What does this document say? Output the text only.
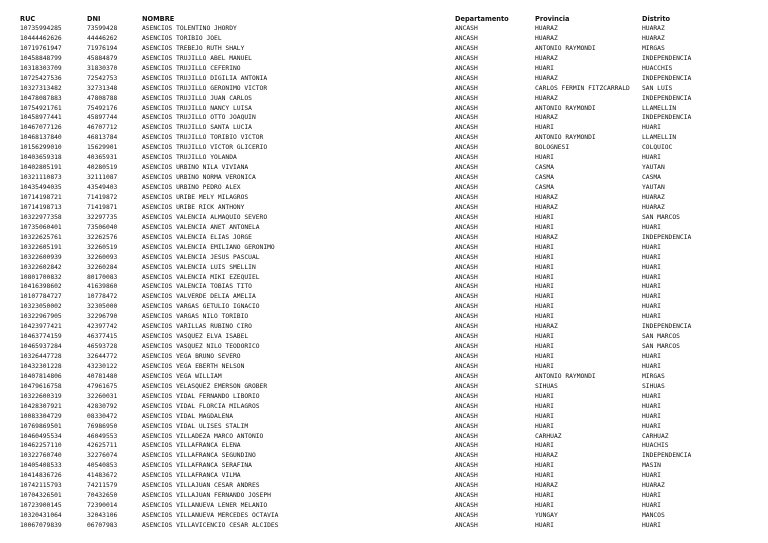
RUC	DNI	NOMBRE	Departamento	Provincia	Distrito
10735994285	73599428	ASENCIOS TOLENTINO JHORDY	ANCASH	HUARAZ	HUARAZ
10444462626	44446262	ASENCIOS TORIBIO JOEL	ANCASH	HUARAZ	HUARAZ
10719761947	71976194	ASENCIOS TREBEJO RUTH SHALY	ANCASH	ANTONIO RAYMONDI	MIRGAS
10458848799	45884879	ASENCIOS TRUJILLO ABEL MANUEL	ANCASH	HUARAZ	INDEPENDENCIA
10318303709	31830370	ASENCIOS TRUJILLO CEFERINO	ANCASH	HUARI	HUACCHIS
10725427536	72542753	ASENCIOS TRUJILLO DIGILIA ANTONIA	ANCASH	HUARAZ	INDEPENDENCIA
10327313482	32731348	ASENCIOS TRUJILLO GERONIMO VICTOR	ANCASH	CARLOS FERMIN FITZCARRALD	SAN LUIS
10478087883	47808788	ASENCIOS TRUJILLO JUAN CARLOS	ANCASH	HUARAZ	INDEPENDENCIA
10754921761	75492176	ASENCIOS TRUJILLO NANCY LUISA	ANCASH	ANTONIO RAYMONDI	LLAMELLIN
10458977441	45897744	ASENCIOS TRUJILLO OTTO JOAQUIN	ANCASH	HUARAZ	INDEPENDENCIA
10467077126	46707712	ASENCIOS TRUJILLO SANTA LUCIA	ANCASH	HUARI	HUARI
10468137840	46813784	ASENCIOS TRUJILLO TORIBIO VICTOR	ANCASH	ANTONIO RAYMONDI	LLAMELLIN
10156299010	15629901	ASENCIOS TRUJILLO VICTOR GLICERIO	ANCASH	BOLOGNESI	COLQUIOC
10403659318	40365931	ASENCIOS TRUJILLO YOLANDA	ANCASH	HUARI	HUARI
10402805191	40280519	ASENCIOS URBINO NILA VIVIANA	ANCASH	CASMA	YAUTAN
10321110873	32111087	ASENCIOS URBINO NORMA VERONICA	ANCASH	CASMA	CASMA
10435494035	43549403	ASENCIOS URBINO PEDRO ALEX	ANCASH	CASMA	YAUTAN
10714198721	71419872	ASENCIOS URIBE MELY MILAGROS	ANCASH	HUARAZ	HUARAZ
10714198713	71419871	ASENCIOS URIBE RICK ANTHONY	ANCASH	HUARAZ	HUARAZ
10322977358	32297735	ASENCIOS VALENCIA ALMAQUIO SEVERO	ANCASH	HUARI	SAN MARCOS
10735060401	73506040	ASENCIOS VALENCIA ANET ANTONELA	ANCASH	HUARI	HUARI
10322625761	32262576	ASENCIOS VALENCIA ELIAS JORGE	ANCASH	HUARAZ	INDEPENDENCIA
10322605191	32260519	ASENCIOS VALENCIA EMILIANO GERONIMO	ANCASH	HUARI	HUARI
10322600939	32260093	ASENCIOS VALENCIA JESUS PASCUAL	ANCASH	HUARI	HUARI
10322602842	32260284	ASENCIOS VALENCIA LUIS SMELLIN	ANCASH	HUARI	HUARI
10801700832	80170083	ASENCIOS VALENCIA MIKI EZEQUIEL	ANCASH	HUARI	HUARI
10416398602	41639860	ASENCIOS VALENCIA TOBIAS TITO	ANCASH	HUARI	HUARI
10107784727	10778472	ASENCIOS VALVERDE DELIA AMELIA	ANCASH	HUARI	HUARI
10323050002	32305000	ASENCIOS VARGAS GETULIO IGNACIO	ANCASH	HUARI	HUARI
10322967905	32296790	ASENCIOS VARGAS NILO TORIBIO	ANCASH	HUARI	HUARI
10423977421	42397742	ASENCIOS VARILLAS RUBINO CIRO	ANCASH	HUARAZ	INDEPENDENCIA
10463774159	46377415	ASENCIOS VASQUEZ ELVA ISABEL	ANCASH	HUARI	SAN MARCOS
10465937284	46593728	ASENCIOS VASQUEZ NILO TEODORICO	ANCASH	HUARI	SAN MARCOS
10326447728	32644772	ASENCIOS VEGA BRUNO SEVERO	ANCASH	HUARI	HUARI
10432301228	43230122	ASENCIOS VEGA EBERTH NELSON	ANCASH	HUARI	HUARI
10407814806	40781480	ASENCIOS VEGA WILLIAM	ANCASH	ANTONIO RAYMONDI	MIRGAS
10479616758	47961675	ASENCIOS VELASQUEZ EMERSON GROBER	ANCASH	SIHUAS	SIHUAS
10322600319	32260031	ASENCIOS VIDAL FERNANDO LIBORIO	ANCASH	HUARI	HUARI
10428307921	42830792	ASENCIOS VIDAL FLORCIA MILAGROS	ANCASH	HUARI	HUARI
10083304729	08330472	ASENCIOS VIDAL MAGDALENA	ANCASH	HUARI	HUARI
10769869501	76986950	ASENCIOS VIDAL ULISES STALIM	ANCASH	HUARI	HUARI
10460495534	46049553	ASENCIOS VILLADEZA MARCO ANTONIO	ANCASH	CARHUAZ	CARHUAZ
10462257110	42625711	ASENCIOS VILLAFRANCA ELENA	ANCASH	HUARI	HUACHIS
10322760740	32276074	ASENCIOS VILLAFRANCA SEGUNDINO	ANCASH	HUARAZ	INDEPENDENCIA
10405408533	40540853	ASENCIOS VILLAFRANCA SERAFINA	ANCASH	HUARI	MASIN
10414836726	41483672	ASENCIOS VILLAFRANCA VILMA	ANCASH	HUARI	HUARI
10742115793	74211579	ASENCIOS VILLAJUAN CESAR ANDRES	ANCASH	HUARAZ	HUARAZ
10704326501	70432650	ASENCIOS VILLAJUAN FERNANDO JOSEPH	ANCASH	HUARI	HUARI
10723900145	72390014	ASENCIOS VILLANUEVA LENER MELANIO	ANCASH	HUARI	HUARI
10320431064	32043106	ASENCIOS VILLANUEVA MERCEDES OCTAVIA	ANCASH	YUNGAY	MANCOS
10067079839	06707983	ASENCIOS VILLAVICENCIO CESAR ALCIDES	ANCASH	HUARI	HUARI
